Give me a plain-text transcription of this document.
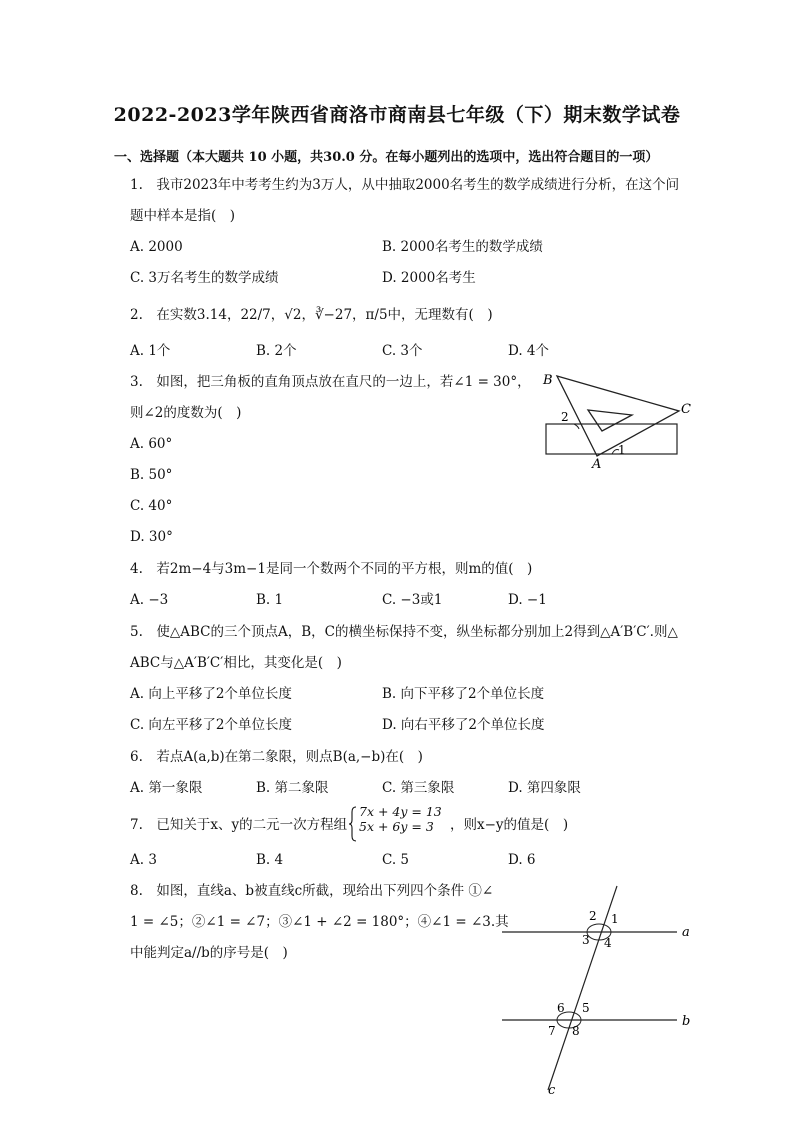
2022-2023学年陕西省商洛市商南县七年级（下）期末数学试卷
一、选择题（本大题共 10 小题，共30.0 分。在每小题列出的选项中，选出符合题目的一项）
1.　我市2023年中考考生约为3万人，从中抽取2000名考生的数学成绩进行分析，在这个问
题中样本是指(　)
A. 2000	B. 2000名考生的数学成绩
C. 3万名考生的数学成绩	D. 2000名考生
2.　在实数3.14，22/7，√2，∛−27，π/5中，无理数有(　)
A. 1个	B. 2个	C. 3个	D. 4个
3.　如图，把三角板的直角顶点放在直尺的一边上，若∠1 = 30°，
则∠2的度数为(　)
A. 60°
B. 50°
C. 40°
D. 30°
B
C
A
1
2
4.　若2m−4与3m−1是同一个数两个不同的平方根，则m的值(　)
A. −3	B. 1	C. −3或1	D. −1
5.　使△ABC的三个顶点A，B，C的横坐标保持不变，纵坐标都分别加上2得到△A′B′C′.则△
ABC与△A′B′C′相比，其变化是(　)
A. 向上平移了2个单位长度	B. 向下平移了2个单位长度
C. 向左平移了2个单位长度	D. 向右平移了2个单位长度
6.　若点A(a,b)在第二象限，则点B(a,−b)在(　)
A. 第一象限	B. 第二象限	C. 第三象限	D. 第四象限
7.　已知关于x、y的二元一次方程组
7x + 4y = 13
5x + 6y = 3 ，则x−y的值是(　)
A. 3	B. 4	C. 5	D. 6
8.　如图，直线a、b被直线c所截，现给出下列四个条件 ①∠
1 = ∠5；②∠1 = ∠7；③∠1 + ∠2 = 180°；④∠1 = ∠3.其
中能判定a//b的序号是(　)
a
b
c
1
2
3 4
5
6
7 8
